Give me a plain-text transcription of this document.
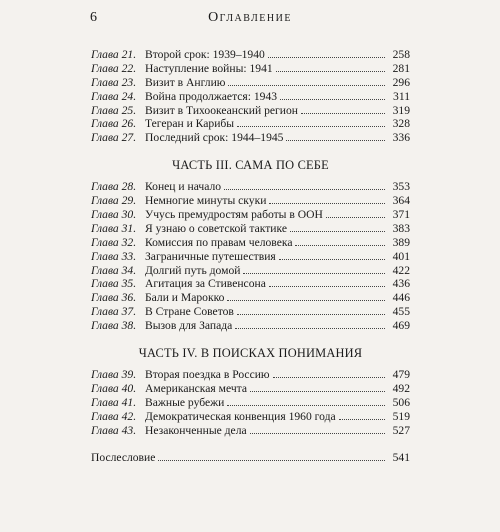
6	Оглавление
Глава 21. Второй срок: 1939–1940	258
Глава 22. Наступление войны: 1941	281
Глава 23. Визит в Англию	296
Глава 24. Война продолжается: 1943	311
Глава 25. Визит в Тихоокеанский регион	319
Глава 26. Тегеран и Карибы	328
Глава 27. Последний срок: 1944–1945	336
ЧАСТЬ III. САМА ПО СЕБЕ
Глава 28. Конец и начало	353
Глава 29. Немногие минуты скуки	364
Глава 30. Учусь премудростям работы в ООН	371
Глава 31. Я узнаю о советской тактике	383
Глава 32. Комиссия по правам человека	389
Глава 33. Заграничные путешествия	401
Глава 34. Долгий путь домой	422
Глава 35. Агитация за Стивенсона	436
Глава 36. Бали и Марокко	446
Глава 37. В Стране Советов	455
Глава 38. Вызов для Запада	469
ЧАСТЬ IV. В ПОИСКАХ ПОНИМАНИЯ
Глава 39. Вторая поездка в Россию	479
Глава 40. Американская мечта	492
Глава 41. Важные рубежи	506
Глава 42. Демократическая конвенция 1960 года	519
Глава 43. Незаконченные дела	527
Послесловие	541
